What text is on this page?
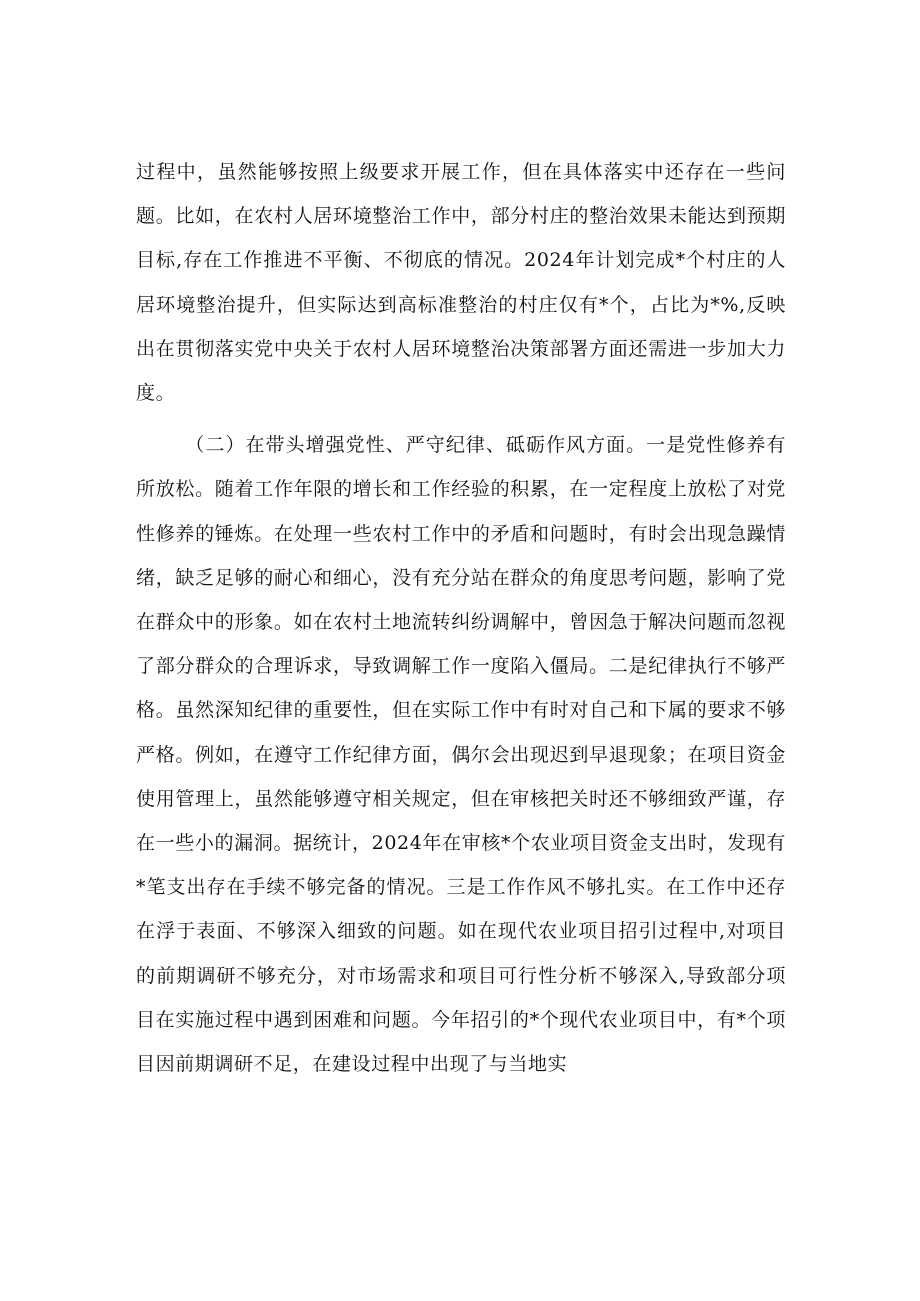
过程中，虽然能够按照上级要求开展工作，但在具体落实中还存在一些问题。比如，在农村人居环境整治工作中，部分村庄的整治效果未能达到预期目标,存在工作推进不平衡、不彻底的情况。2024年计划完成*个村庄的人居环境整治提升，但实际达到高标准整治的村庄仅有*个，占比为*%,反映出在贯彻落实党中央关于农村人居环境整治决策部署方面还需进一步加大力度。

（二）在带头增强党性、严守纪律、砥砺作风方面。一是党性修养有所放松。随着工作年限的增长和工作经验的积累，在一定程度上放松了对党性修养的锤炼。在处理一些农村工作中的矛盾和问题时，有时会出现急躁情绪，缺乏足够的耐心和细心，没有充分站在群众的角度思考问题，影响了党在群众中的形象。如在农村土地流转纠纷调解中，曾因急于解决问题而忽视了部分群众的合理诉求，导致调解工作一度陷入僵局。二是纪律执行不够严格。虽然深知纪律的重要性，但在实际工作中有时对自己和下属的要求不够严格。例如，在遵守工作纪律方面，偶尔会出现迟到早退现象；在项目资金使用管理上，虽然能够遵守相关规定，但在审核把关时还不够细致严谨，存在一些小的漏洞。据统计，2024年在审核*个农业项目资金支出时，发现有*笔支出存在手续不够完备的情况。三是工作作风不够扎实。在工作中还存在浮于表面、不够深入细致的问题。如在现代农业项目招引过程中,对项目的前期调研不够充分，对市场需求和项目可行性分析不够深入,导致部分项目在实施过程中遇到困难和问题。今年招引的*个现代农业项目中，有*个项目因前期调研不足，在建设过程中出现了与当地实
